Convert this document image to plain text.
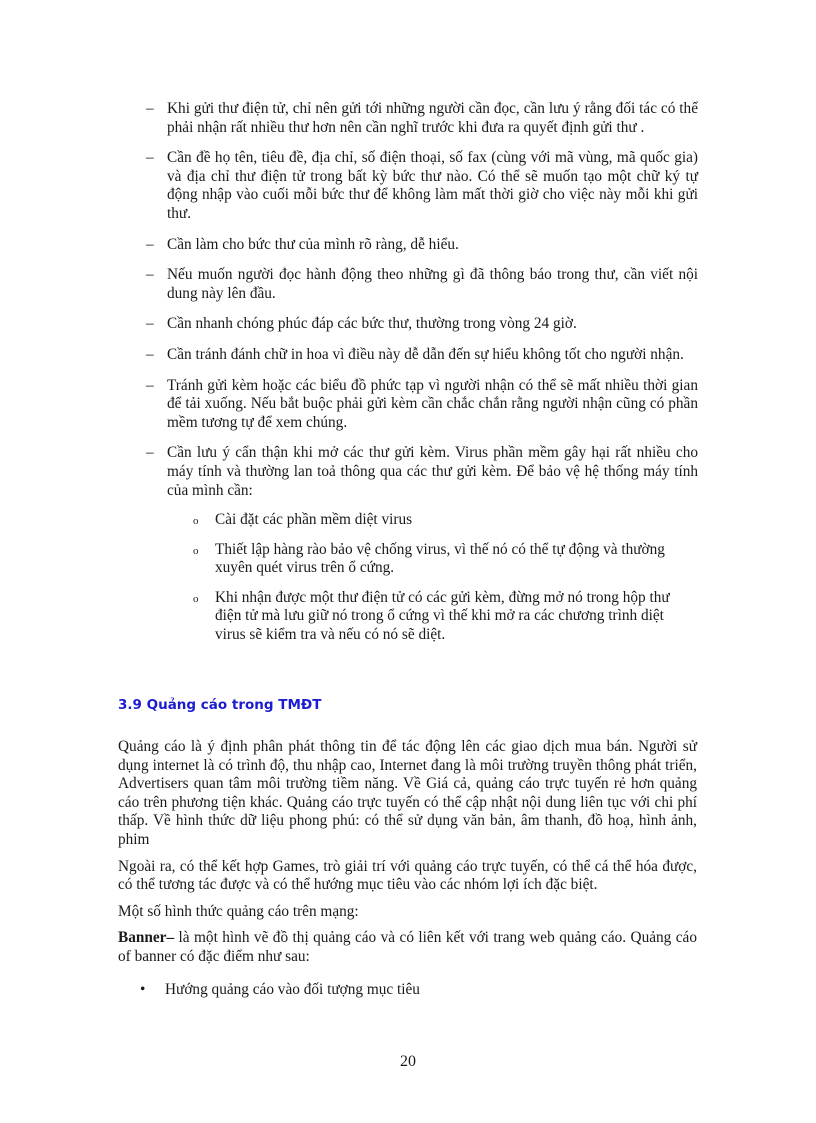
– Khi gửi thư điện tử, chỉ nên gửi tới những người cần đọc, cần lưu ý rằng đối tác có thể phải nhận rất nhiều thư hơn nên cần nghĩ trước khi đưa ra quyết định gửi thư .
– Cần đề họ tên, tiêu đề, địa chỉ, số điện thoại, số fax (cùng với mã vùng, mã quốc gia) và địa chỉ thư điện tử trong bất kỳ bức thư nào. Có thể sẽ muốn tạo một chữ ký tự động nhập vào cuối mỗi bức thư để không làm mất thời giờ cho việc này mỗi khi gửi thư.
– Cần làm cho bức thư của mình rõ ràng, dễ hiểu.
– Nếu muốn người đọc hành động theo những gì đã thông báo trong thư, cần viết nội dung này lên đầu.
– Cần nhanh chóng phúc đáp các bức thư, thường trong vòng 24 giờ.
– Cần tránh đánh chữ in hoa vì điều này dễ dẫn đến sự hiểu không tốt cho người nhận.
– Tránh gửi kèm hoặc các biểu đồ phức tạp vì người nhận có thể sẽ mất nhiều thời gian để tải xuống. Nếu bắt buộc phải gửi kèm cần chắc chắn rằng người nhận cũng có phần mềm tương tự để xem chúng.
– Cần lưu ý cẩn thận khi mở các thư gửi kèm. Virus phần mềm gây hại rất nhiều cho máy tính và thường lan toả thông qua các thư gửi kèm. Để bảo vệ hệ thống máy tính của mình cần:
o Cài đặt các phần mềm diệt virus
o Thiết lập hàng rào bảo vệ chống virus, vì thế nó có thể tự động và thường xuyên quét virus trên ổ cứng.
o Khi nhận được một thư điện tử có các gửi kèm, đừng mở nó trong hộp thư điện tử mà lưu giữ nó trong ổ cứng vì thế khi mở ra các chương trình diệt virus sẽ kiểm tra và nếu có nó sẽ diệt.
3.9 Quảng cáo trong TMĐT

Quảng cáo là ý định phân phát thông tin để tác động lên các giao dịch mua bán. Người sử dụng internet là có trình độ, thu nhập cao, Internet đang là môi trường truyền thông phát triển, Advertisers quan tâm môi trường tiềm năng. Về Giá cả, quảng cáo trực tuyến rẻ hơn quảng cáo trên phương tiện khác. Quảng cáo trực tuyến có thể cập nhật nội dung liên tục với chi phí thấp. Về hình thức dữ liệu phong phú: có thể sử dụng văn bản, âm thanh, đồ hoạ, hình ảnh, phim

Ngoài ra, có thể kết hợp Games, trò giải trí với quảng cáo trực tuyến, có thể cá thể hóa được, có thể tương tác được và có thể hướng mục tiêu vào các nhóm lợi ích đặc biệt.

Một số hình thức quảng cáo trên mạng:

Banner– là một hình vẽ đồ thị quảng cáo và có liên kết với trang web quảng cáo. Quảng cáo of banner có đặc điểm như sau:

• Hướng quảng cáo vào đối tượng mục tiêu
20
